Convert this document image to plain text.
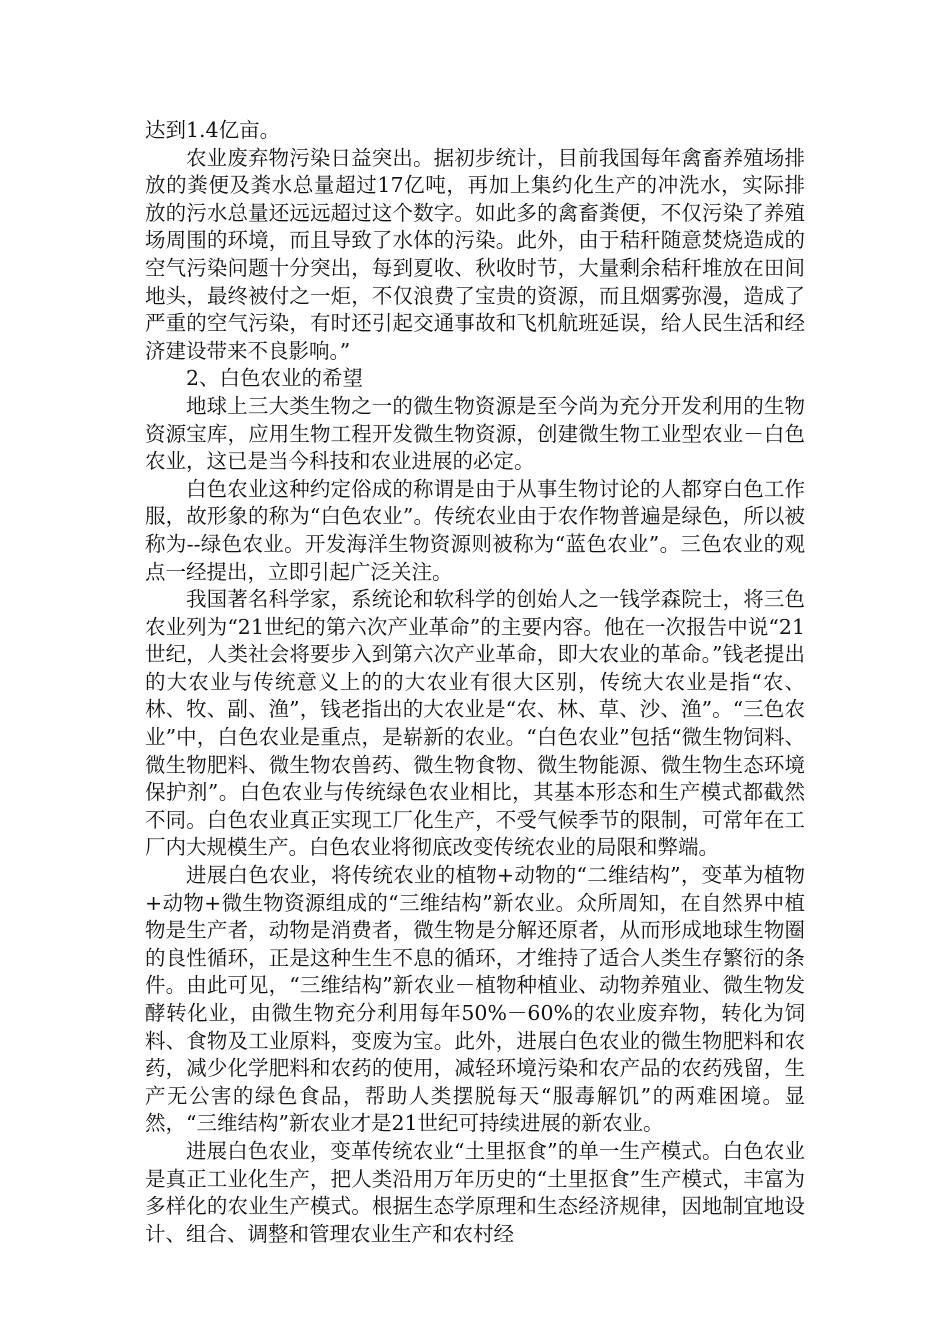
达到1.4亿亩。

农业废弃物污染日益突出。据初步统计，目前我国每年禽畜养殖场排放的粪便及粪水总量超过17亿吨，再加上集约化生产的冲洗水，实际排放的污水总量还远远超过这个数字。如此多的禽畜粪便，不仅污染了养殖场周围的环境，而且导致了水体的污染。此外，由于秸秆随意焚烧造成的空气污染问题十分突出，每到夏收、秋收时节，大量剩余秸秆堆放在田间地头，最终被付之一炬，不仅浪费了宝贵的资源，而且烟雾弥漫，造成了严重的空气污染，有时还引起交通事故和飞机航班延误，给人民生活和经济建设带来不良影响。”

2、白色农业的希望

地球上三大类生物之一的微生物资源是至今尚为充分开发利用的生物资源宝库，应用生物工程开发微生物资源，创建微生物工业型农业－白色农业，这已是当今科技和农业进展的必定。

白色农业这种约定俗成的称谓是由于从事生物讨论的人都穿白色工作服，故形象的称为“白色农业”。传统农业由于农作物普遍是绿色，所以被称为--绿色农业。开发海洋生物资源则被称为“蓝色农业”。三色农业的观点一经提出，立即引起广泛关注。

我国著名科学家，系统论和软科学的创始人之一钱学森院士，将三色农业列为“21世纪的第六次产业革命”的主要内容。他在一次报告中说“21世纪，人类社会将要步入到第六次产业革命，即大农业的革命。”钱老提出的大农业与传统意义上的的大农业有很大区别，传统大农业是指“农、林、牧、副、渔”，钱老指出的大农业是“农、林、草、沙、渔”。“三色农业”中，白色农业是重点，是崭新的农业。“白色农业”包括“微生物饲料、微生物肥料、微生物农兽药、微生物食物、微生物能源、微生物生态环境保护剂”。白色农业与传统绿色农业相比，其基本形态和生产模式都截然不同。白色农业真正实现工厂化生产，不受气候季节的限制，可常年在工厂内大规模生产。白色农业将彻底改变传统农业的局限和弊端。

进展白色农业，将传统农业的植物+动物的“二维结构”，变革为植物+动物+微生物资源组成的“三维结构”新农业。众所周知，在自然界中植物是生产者，动物是消费者，微生物是分解还原者，从而形成地球生物圈的良性循环，正是这种生生不息的循环，才维持了适合人类生存繁衍的条件。由此可见，“三维结构”新农业－植物种植业、动物养殖业、微生物发酵转化业，由微生物充分利用每年50%－60%的农业废弃物，转化为饲料、食物及工业原料，变废为宝。此外，进展白色农业的微生物肥料和农药，减少化学肥料和农药的使用，减轻环境污染和农产品的农药残留，生产无公害的绿色食品，帮助人类摆脱每天“服毒解饥”的两难困境。显然，“三维结构”新农业才是21世纪可持续进展的新农业。

进展白色农业，变革传统农业“土里抠食”的单一生产模式。白色农业是真正工业化生产，把人类沿用万年历史的“土里抠食”生产模式，丰富为多样化的农业生产模式。根据生态学原理和生态经济规律，因地制宜地设计、组合、调整和管理农业生产和农村经
